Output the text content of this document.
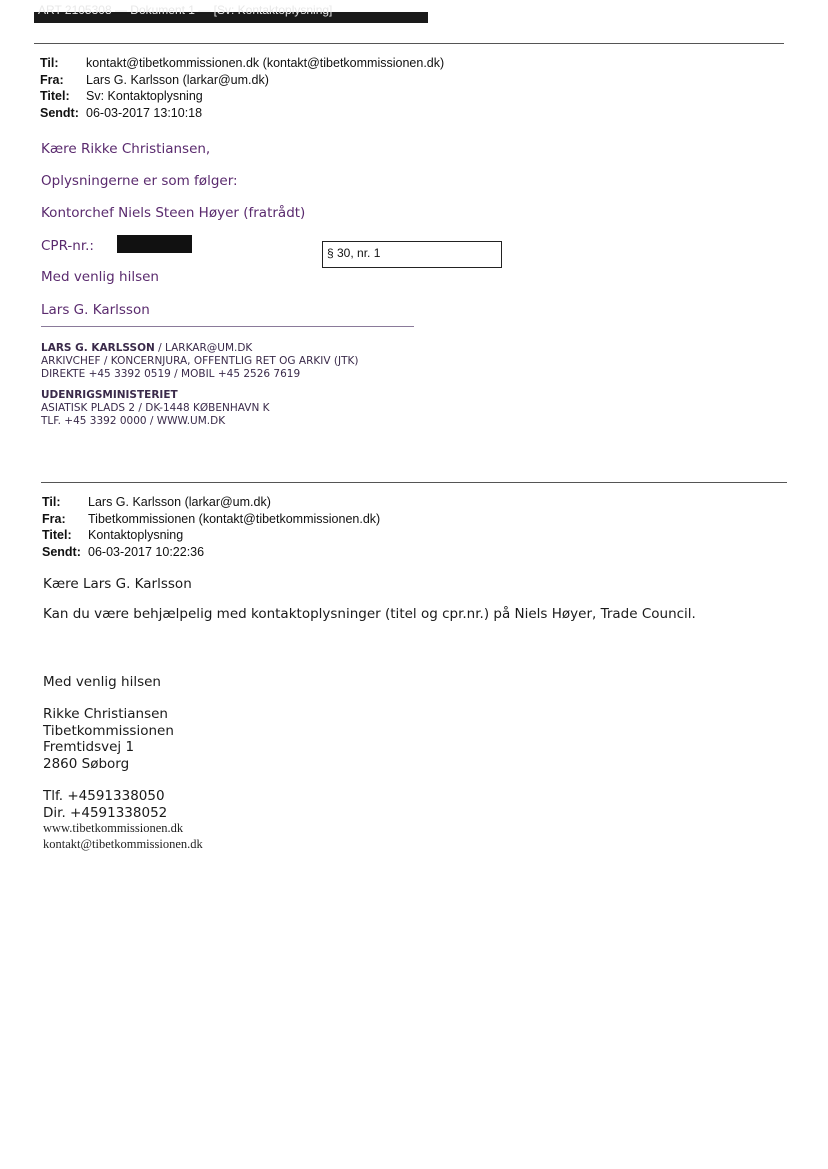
ART 2105308 — Dokument 1 — [Sv: Kontaktoplysning]
Til: kontakt@tibetkommissionen.dk (kontakt@tibetkommissionen.dk)
Fra: Lars G. Karlsson (larkar@um.dk)
Titel: Sv: Kontaktoplysning
Sendt: 06-03-2017 13:10:18
Kære Rikke Christiansen,
Oplysningerne er som følger:
Kontorchef Niels Steen Høyer (fratrådt)
CPR-nr.:	§ 30, nr. 1
Med venlig hilsen
Lars G. Karlsson
LARS G. KARLSSON / LARKAR@UM.DK
ARKIVCHEF / KONCERNJURA, OFFENTLIG RET OG ARKIV (JTK)
DIREKTE +45 3392 0519 / MOBIL +45 2526 7619
UDENRIGSMINISTERIET
ASIATISK PLADS 2 / DK-1448 KØBENHAVN K
TLF. +45 3392 0000 / WWW.UM.DK
Til: Lars G. Karlsson (larkar@um.dk)
Fra: Tibetkommissionen (kontakt@tibetkommissionen.dk)
Titel: Kontaktoplysning
Sendt: 06-03-2017 10:22:36
Kære Lars G. Karlsson
Kan du være behjælpelig med kontaktoplysninger (titel og cpr.nr.) på Niels Høyer, Trade Council.
Med venlig hilsen
Rikke Christiansen
Tibetkommissionen
Fremtidsvej 1
2860 Søborg
Tlf. +4591338050
Dir. +4591338052
www.tibetkommissionen.dk
kontakt@tibetkommissionen.dk
